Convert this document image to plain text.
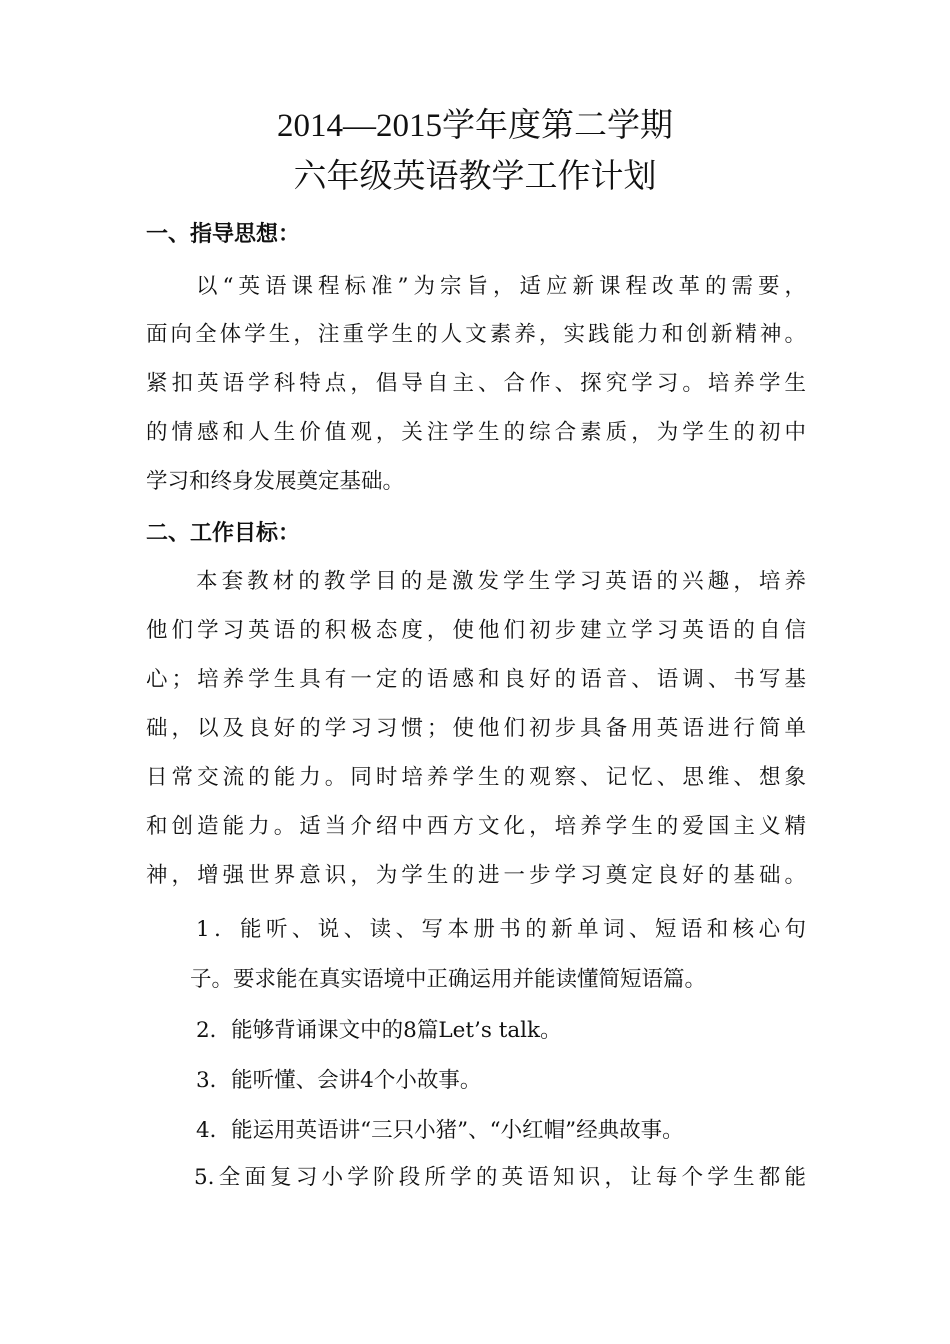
2014—2015学年度第二学期
六年级英语教学工作计划
一、指导思想：
以“英语课程标准”为宗旨，适应新课程改革的需要，
面向全体学生，注重学生的人文素养，实践能力和创新精神。
紧扣英语学科特点，倡导自主、合作、探究学习。培养学生
的情感和人生价值观，关注学生的综合素质，为学生的初中
学习和终身发展奠定基础。
二、工作目标：
本套教材的教学目的是激发学生学习英语的兴趣，培养
他们学习英语的积极态度，使他们初步建立学习英语的自信
心；培养学生具有一定的语感和良好的语音、语调、书写基
础，以及良好的学习习惯；使他们初步具备用英语进行简单
日常交流的能力。同时培养学生的观察、记忆、思维、想象
和创造能力。适当介绍中西方文化，培养学生的爱国主义精
神，增强世界意识，为学生的进一步学习奠定良好的基础。
1．能听、说、读、写本册书的新单词、短语和核心句
子。要求能在真实语境中正确运用并能读懂简短语篇。
2．能够背诵课文中的8篇Let’s talk。
3．能听懂、会讲4个小故事。
4．能运用英语讲“三只小猪”、“小红帽”经典故事。
5.全面复习小学阶段所学的英语知识，让每个学生都能
